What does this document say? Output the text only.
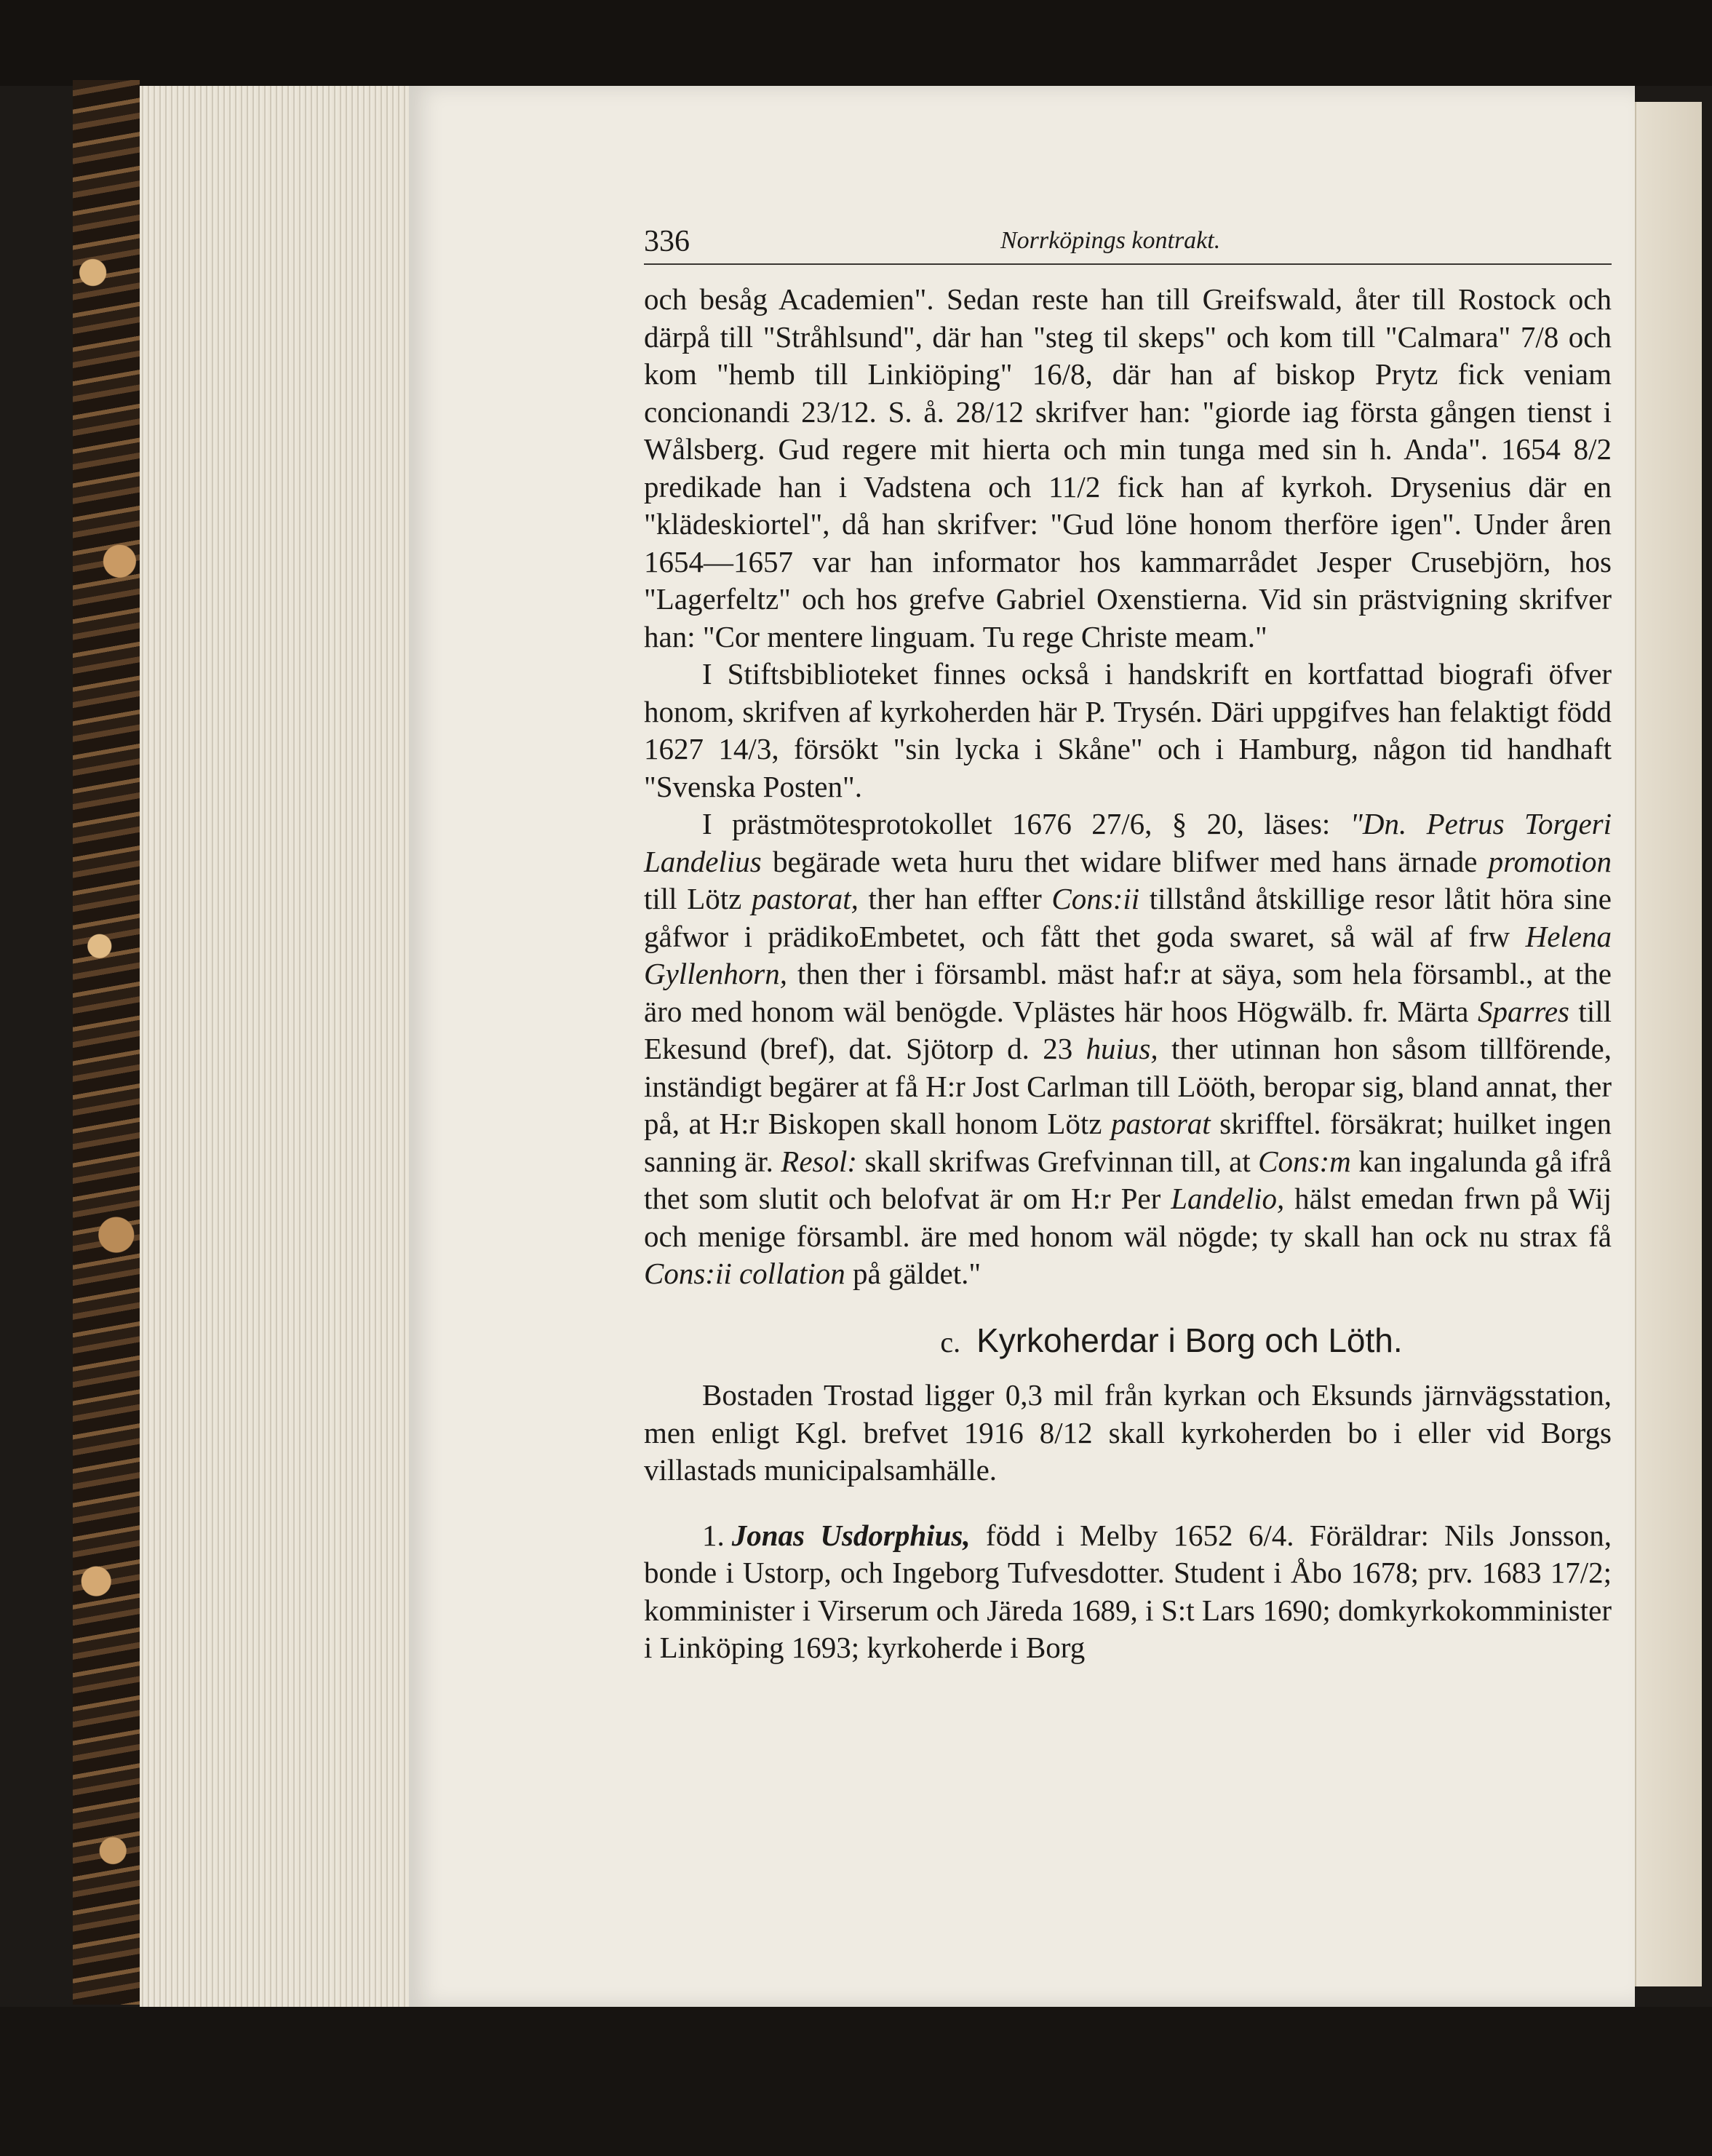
336	Norrköpings kontrakt.

och besåg Academien". Sedan reste han till Greifswald, åter till Rostock och därpå till "Stråhlsund", där han "steg til skeps" och kom till "Calmara" 7/8 och kom "hemb till Linkiöping" 16/8, där han af biskop Prytz fick veniam concionandi 23/12. S. å. 28/12 skrifver han: "giorde iag första gången tienst i Wålsberg. Gud regere mit hierta och min tunga med sin h. Anda". 1654 8/2 predikade han i Vadstena och 11/2 fick han af kyrkoh. Drysenius där en "klädeskiortel", då han skrifver: "Gud löne honom therföre igen". Under åren 1654—1657 var han informator hos kammarrådet Jesper Crusebjörn, hos "Lagerfeltz" och hos grefve Gabriel Oxenstierna. Vid sin prästvigning skrifver han: "Cor mentere linguam. Tu rege Christe meam."

I Stiftsbiblioteket finnes också i handskrift en kortfattad biografi öfver honom, skrifven af kyrkoherden här P. Trysén. Däri uppgifves han felaktigt född 1627 14/3, försökt "sin lycka i Skåne" och i Hamburg, någon tid handhaft "Svenska Posten".

I prästmötesprotokollet 1676 27/6, § 20, läses: "Dn. Petrus Torgeri Landelius begärade weta huru thet widare blifwer med hans ärnade promotion till Lötz pastorat, ther han effter Cons:ii tillstånd åtskillige resor låtit höra sine gåfwor i prädikoEmbetet, och fått thet goda swaret, så wäl af frw Helena Gyllenhorn, then ther i försambl. mäst haf:r at säya, som hela försambl., at the äro med honom wäl benögde. Vplästes här hoos Högwälb. fr. Märta Sparres till Ekesund (bref), dat. Sjötorp d. 23 huius, ther utinnan hon såsom tillförende, inständigt begärer at få H:r Jost Carlman till Lööth, beropar sig, bland annat, ther på, at H:r Biskopen skall honom Lötz pastorat skrifftel. försäkrat; huilket ingen sanning är. Resol: skall skrifwas Grefvinnan till, at Cons:m kan ingalunda gå ifrå thet som slutit och belofvat är om H:r Per Landelio, hälst emedan frwn på Wij och menige försambl. äre med honom wäl nögde; ty skall han ock nu strax få Cons:ii collation på gäldet."

c. Kyrkoherdar i Borg och Löth.

Bostaden Trostad ligger 0,3 mil från kyrkan och Eksunds järnvägsstation, men enligt Kgl. brefvet 1916 8/12 skall kyrkoherden bo i eller vid Borgs villastads municipalsamhälle.

1. Jonas Usdorphius, född i Melby 1652 6/4. Föräldrar: Nils Jonsson, bonde i Ustorp, och Ingeborg Tufvesdotter. Student i Åbo 1678; prv. 1683 17/2; komminister i Virserum och Järeda 1689, i S:t Lars 1690; domkyrkokomminister i Linköping 1693; kyrkoherde i Borg
